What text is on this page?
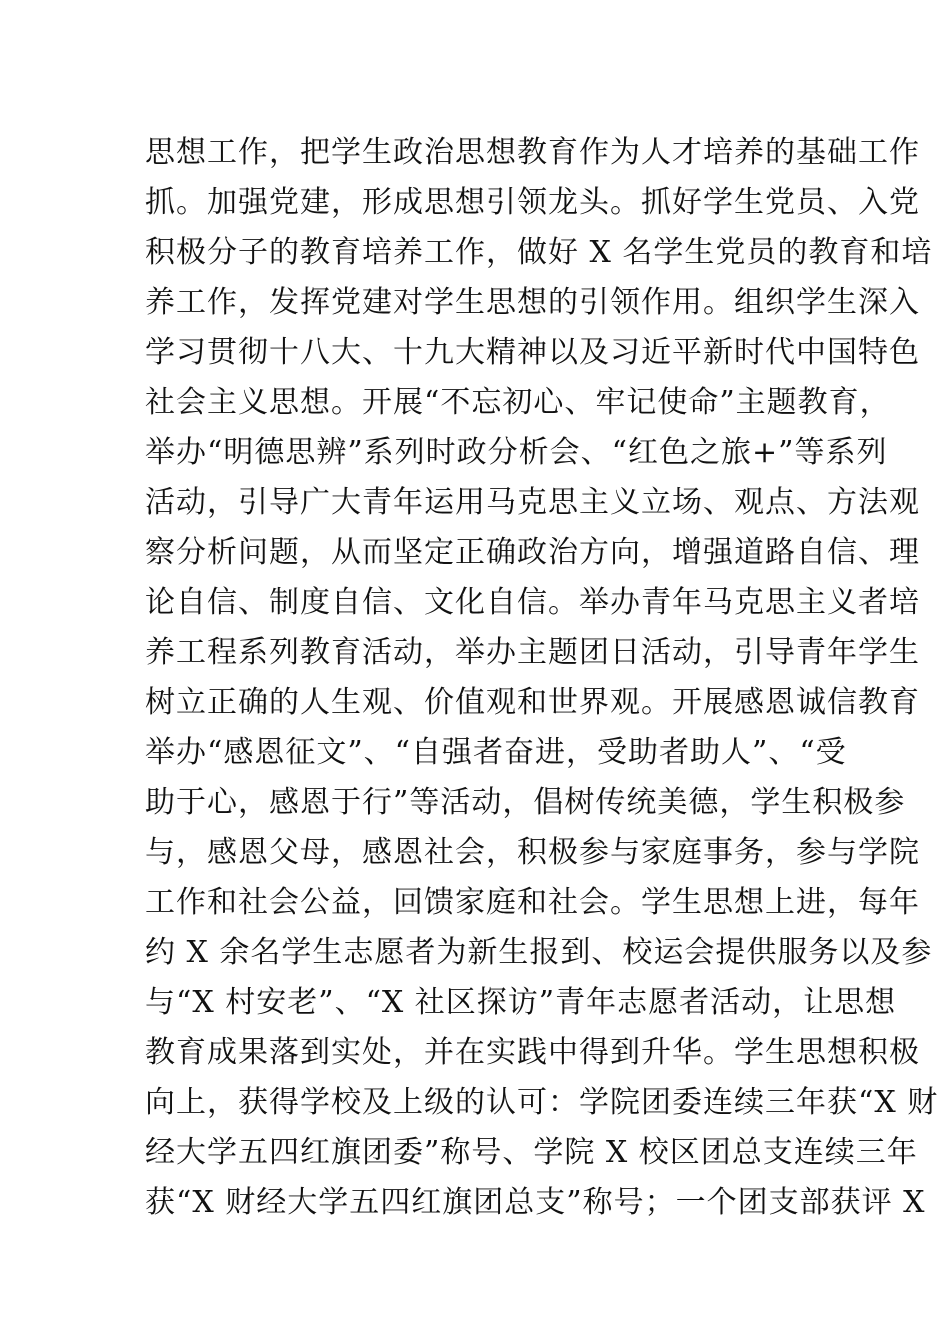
思想工作，把学生政治思想教育作为人才培养的基础工作
抓。加强党建，形成思想引领龙头。抓好学生党员、入党
积极分子的教育培养工作，做好 X 名学生党员的教育和培
养工作，发挥党建对学生思想的引领作用。组织学生深入
学习贯彻十八大、十九大精神以及习近平新时代中国特色
社会主义思想。开展“不忘初心、牢记使命”主题教育，
举办“明德思辨”系列时政分析会、“红色之旅+”等系列
活动，引导广大青年运用马克思主义立场、观点、方法观
察分析问题，从而坚定正确政治方向，增强道路自信、理
论自信、制度自信、文化自信。举办青年马克思主义者培
养工程系列教育活动，举办主题团日活动，引导青年学生
树立正确的人生观、价值观和世界观。开展感恩诚信教育
举办“感恩征文”、“自强者奋进，受助者助人”、“受
助于心，感恩于行”等活动，倡树传统美德，学生积极参
与，感恩父母，感恩社会，积极参与家庭事务，参与学院
工作和社会公益，回馈家庭和社会。学生思想上进，每年
约 X 余名学生志愿者为新生报到、校运会提供服务以及参
与“X 村安老”、“X 社区探访”青年志愿者活动，让思想
教育成果落到实处，并在实践中得到升华。学生思想积极
向上，获得学校及上级的认可：学院团委连续三年获“X 财
经大学五四红旗团委”称号、学院 X 校区团总支连续三年
获“X 财经大学五四红旗团总支”称号；一个团支部获评 X
